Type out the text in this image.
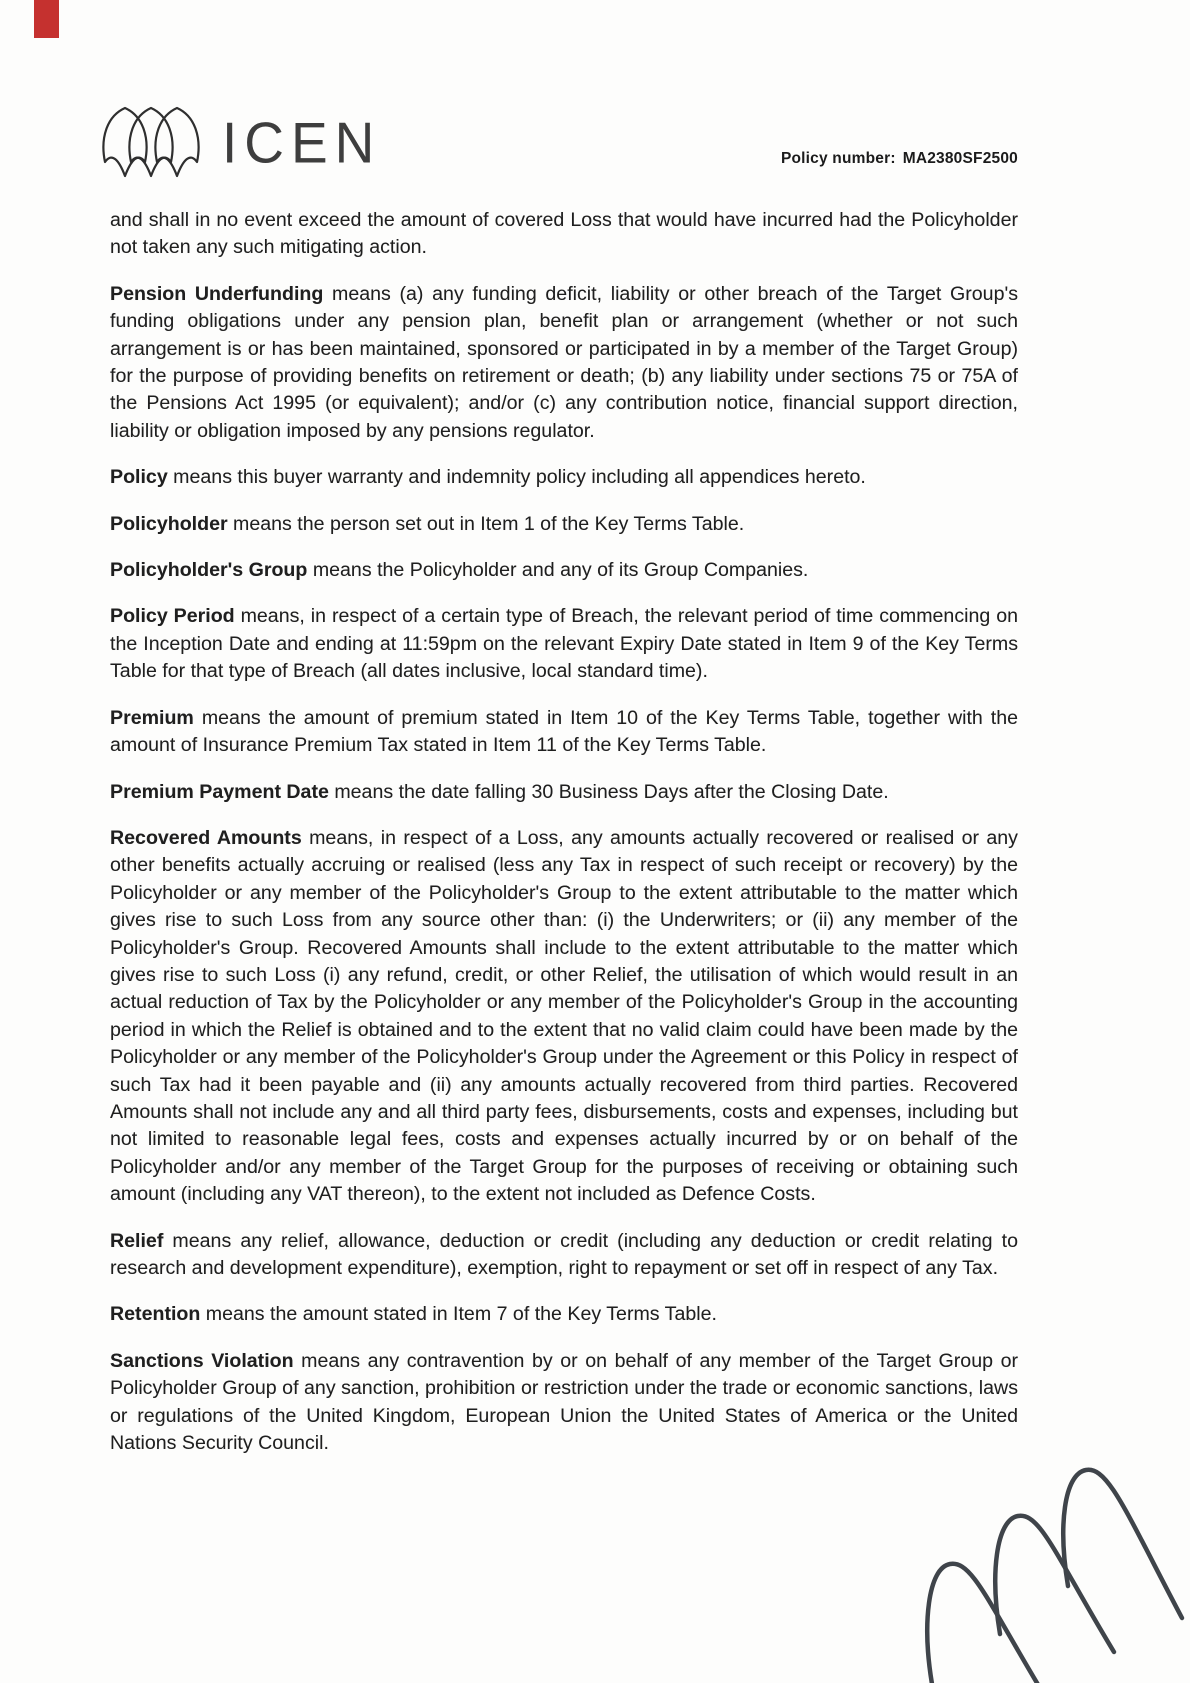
ICEN	Policy number: MA2380SF2500

and shall in no event exceed the amount of covered Loss that would have incurred had the Policyholder not taken any such mitigating action.

Pension Underfunding means (a) any funding deficit, liability or other breach of the Target Group's funding obligations under any pension plan, benefit plan or arrangement (whether or not such arrangement is or has been maintained, sponsored or participated in by a member of the Target Group) for the purpose of providing benefits on retirement or death; (b) any liability under sections 75 or 75A of the Pensions Act 1995 (or equivalent); and/or (c) any contribution notice, financial support direction, liability or obligation imposed by any pensions regulator.

Policy means this buyer warranty and indemnity policy including all appendices hereto.

Policyholder means the person set out in Item 1 of the Key Terms Table.

Policyholder's Group means the Policyholder and any of its Group Companies.

Policy Period means, in respect of a certain type of Breach, the relevant period of time commencing on the Inception Date and ending at 11:59pm on the relevant Expiry Date stated in Item 9 of the Key Terms Table for that type of Breach (all dates inclusive, local standard time).

Premium means the amount of premium stated in Item 10 of the Key Terms Table, together with the amount of Insurance Premium Tax stated in Item 11 of the Key Terms Table.

Premium Payment Date means the date falling 30 Business Days after the Closing Date.

Recovered Amounts means, in respect of a Loss, any amounts actually recovered or realised or any other benefits actually accruing or realised (less any Tax in respect of such receipt or recovery) by the Policyholder or any member of the Policyholder's Group to the extent attributable to the matter which gives rise to such Loss from any source other than: (i) the Underwriters; or (ii) any member of the Policyholder's Group. Recovered Amounts shall include to the extent attributable to the matter which gives rise to such Loss (i) any refund, credit, or other Relief, the utilisation of which would result in an actual reduction of Tax by the Policyholder or any member of the Policyholder's Group in the accounting period in which the Relief is obtained and to the extent that no valid claim could have been made by the Policyholder or any member of the Policyholder's Group under the Agreement or this Policy in respect of such Tax had it been payable and (ii) any amounts actually recovered from third parties. Recovered Amounts shall not include any and all third party fees, disbursements, costs and expenses, including but not limited to reasonable legal fees, costs and expenses actually incurred by or on behalf of the Policyholder and/or any member of the Target Group for the purposes of receiving or obtaining such amount (including any VAT thereon), to the extent not included as Defence Costs.

Relief means any relief, allowance, deduction or credit (including any deduction or credit relating to research and development expenditure), exemption, right to repayment or set off in respect of any Tax.

Retention means the amount stated in Item 7 of the Key Terms Table.

Sanctions Violation means any contravention by or on behalf of any member of the Target Group or Policyholder Group of any sanction, prohibition or restriction under the trade or economic sanctions, laws or regulations of the United Kingdom, European Union the United States of America or the United Nations Security Council.
